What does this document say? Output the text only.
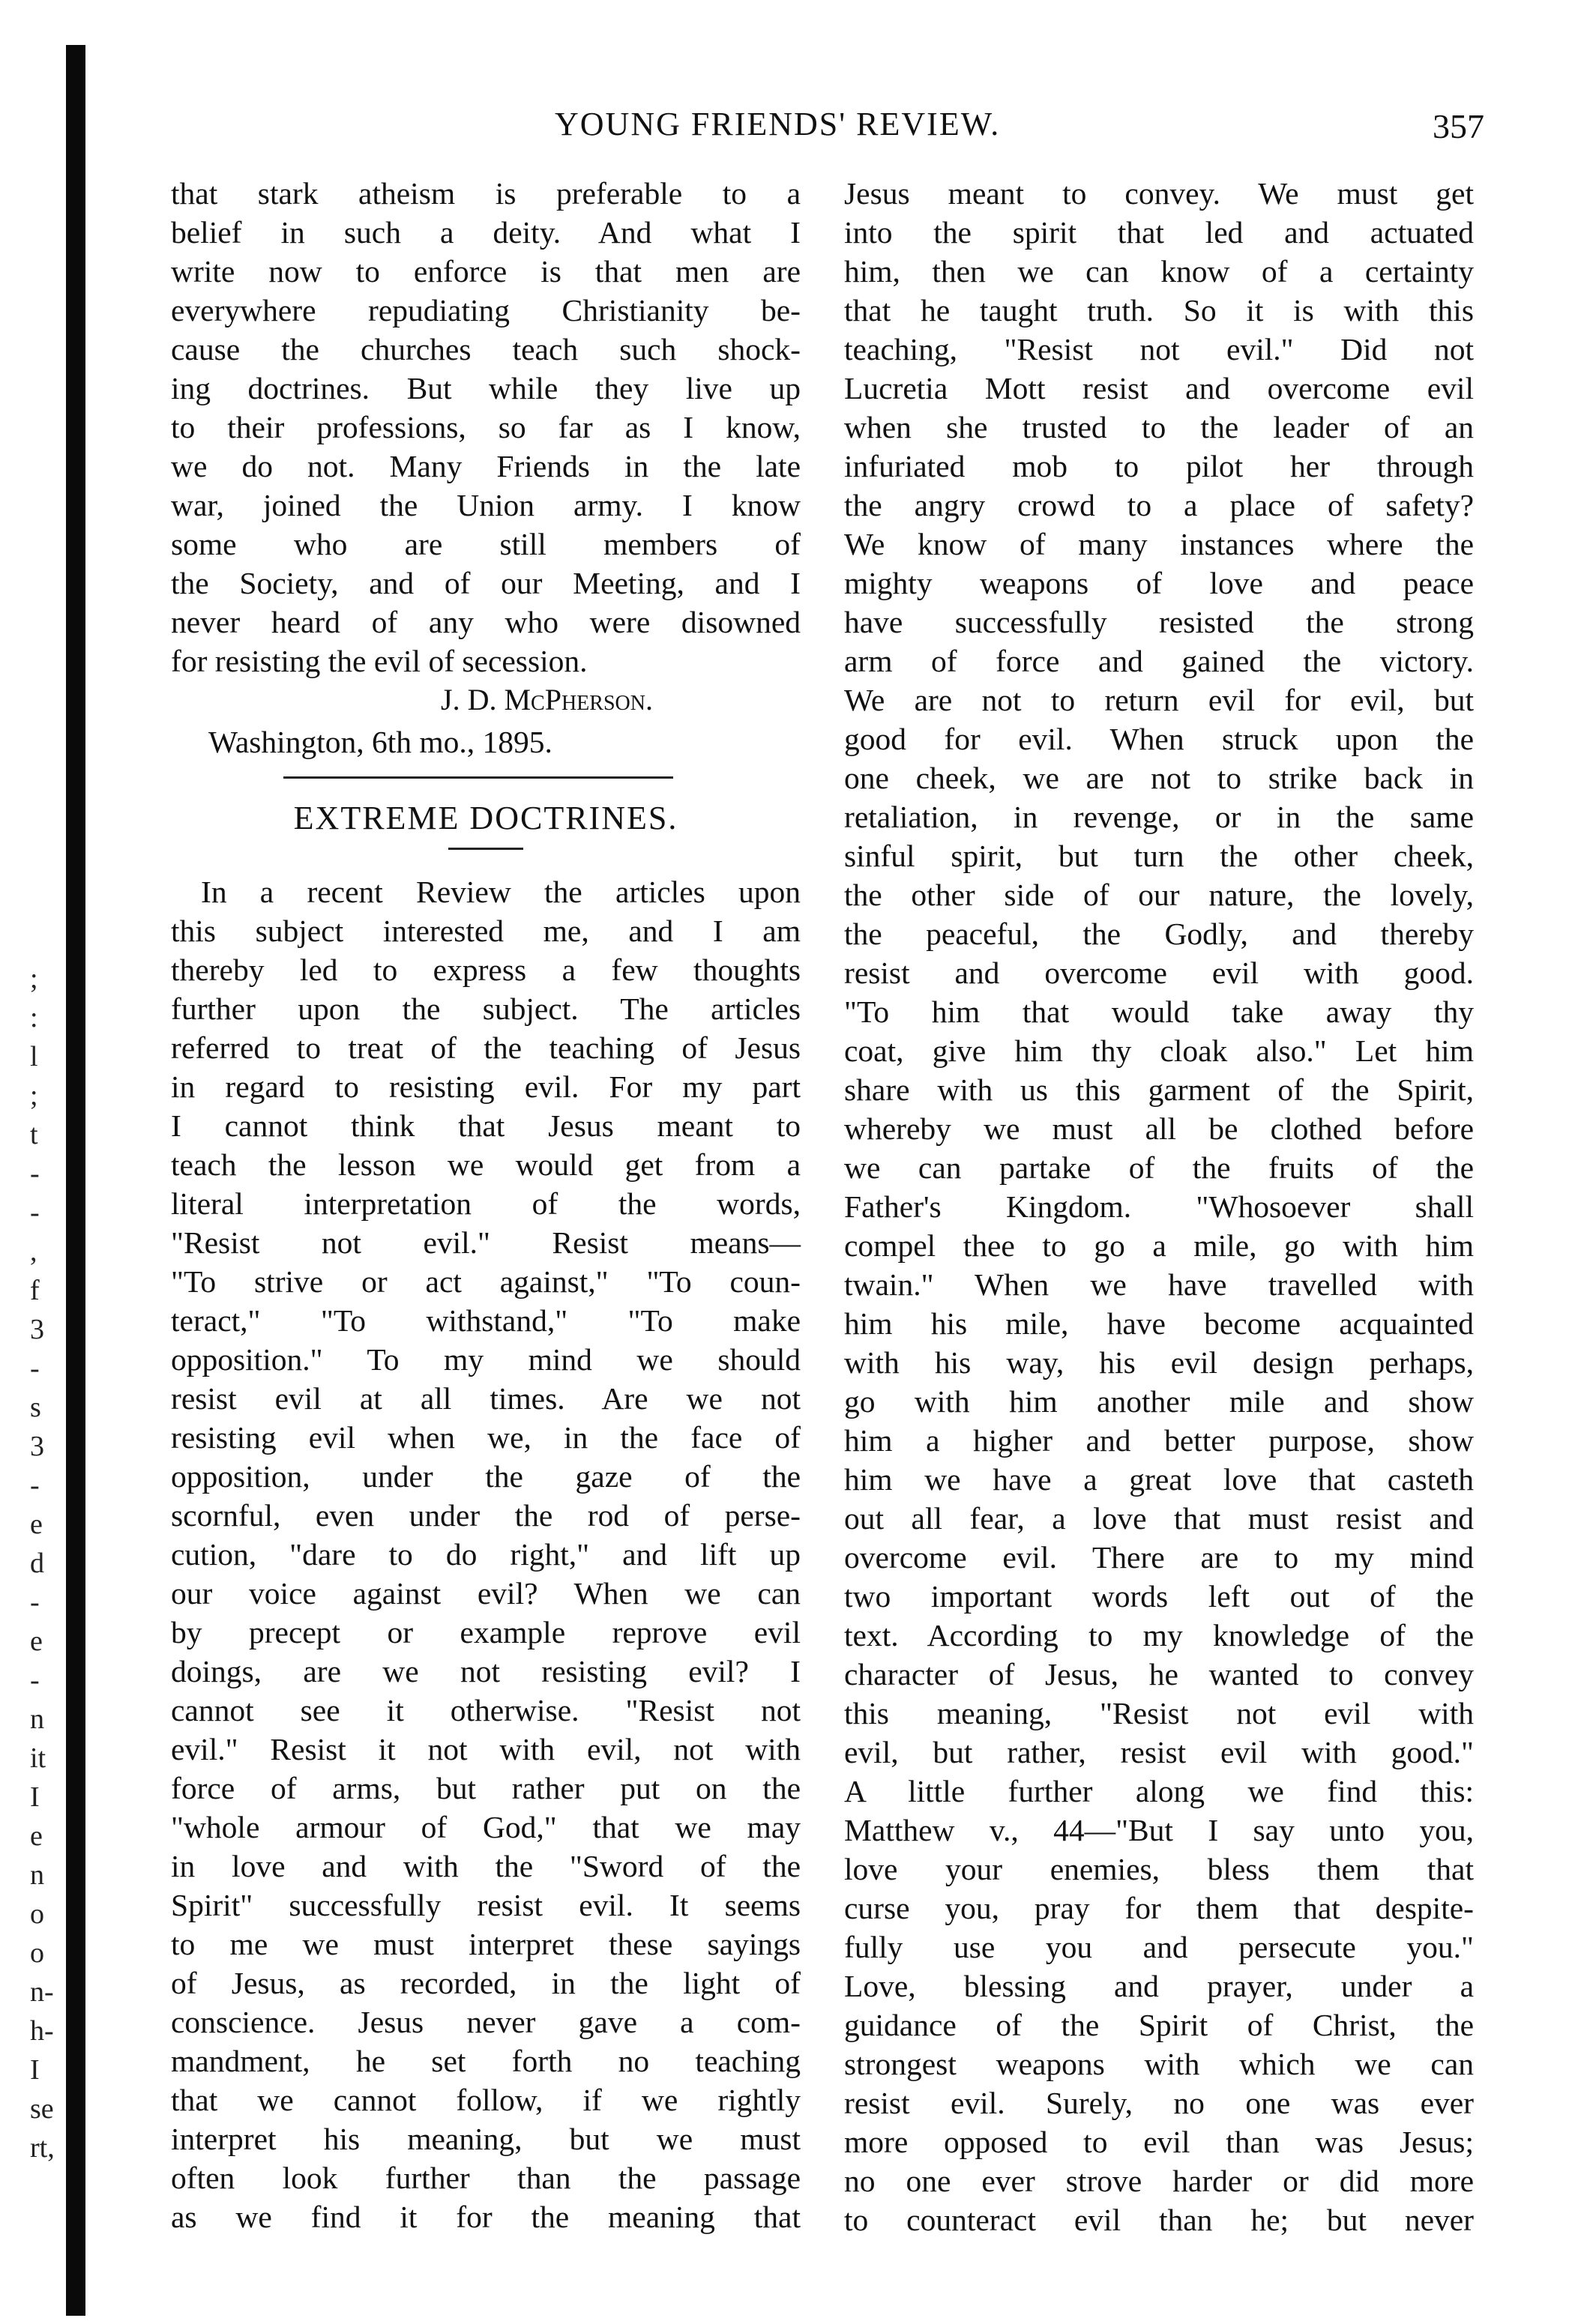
;
:
l
;
t
-
-
,
f
3
-
s
3
-
e
d
-
e
-
n
it
I
e
n
o
o
n-
h-
I
se
rt,
YOUNG FRIENDS' REVIEW.	357
that stark atheism is preferable to a
belief in such a deity. And what I
write now to enforce is that men are
everywhere repudiating Christianity be-
cause the churches teach such shock-
ing doctrines. But while they live up
to their professions, so far as I know,
we do not. Many Friends in the late
war, joined the Union army. I know
some who are still members of
the Society, and of our Meeting, and I
never heard of any who were disowned
for resisting the evil of secession.
J. D. McPherson.
Washington, 6th mo., 1895.
EXTREME DOCTRINES.
In a recent Review the articles upon
this subject interested me, and I am
thereby led to express a few thoughts
further upon the subject. The articles
referred to treat of the teaching of Jesus
in regard to resisting evil. For my part
I cannot think that Jesus meant to
teach the lesson we would get from a
literal interpretation of the words,
"Resist not evil." Resist means—
"To strive or act against," "To coun-
teract," "To withstand," "To make
opposition." To my mind we should
resist evil at all times. Are we not
resisting evil when we, in the face of
opposition, under the gaze of the
scornful, even under the rod of perse-
cution, "dare to do right," and lift up
our voice against evil? When we can
by precept or example reprove evil
doings, are we not resisting evil? I
cannot see it otherwise. "Resist not
evil." Resist it not with evil, not with
force of arms, but rather put on the
"whole armour of God," that we may
in love and with the "Sword of the
Spirit" successfully resist evil. It seems
to me we must interpret these sayings
of Jesus, as recorded, in the light of
conscience. Jesus never gave a com-
mandment, he set forth no teaching
that we cannot follow, if we rightly
interpret his meaning, but we must
often look further than the passage
as we find it for the meaning that
Jesus meant to convey. We must get
into the spirit that led and actuated
him, then we can know of a certainty
that he taught truth. So it is with this
teaching, "Resist not evil." Did not
Lucretia Mott resist and overcome evil
when she trusted to the leader of an
infuriated mob to pilot her through
the angry crowd to a place of safety?
We know of many instances where the
mighty weapons of love and peace
have successfully resisted the strong
arm of force and gained the victory.
We are not to return evil for evil, but
good for evil. When struck upon the
one cheek, we are not to strike back in
retaliation, in revenge, or in the same
sinful spirit, but turn the other cheek,
the other side of our nature, the lovely,
the peaceful, the Godly, and thereby
resist and overcome evil with good.
"To him that would take away thy
coat, give him thy cloak also." Let him
share with us this garment of the Spirit,
whereby we must all be clothed before
we can partake of the fruits of the
Father's Kingdom. "Whosoever shall
compel thee to go a mile, go with him
twain." When we have travelled with
him his mile, have become acquainted
with his way, his evil design perhaps,
go with him another mile and show
him a higher and better purpose, show
him we have a great love that casteth
out all fear, a love that must resist and
overcome evil. There are to my mind
two important words left out of the
text. According to my knowledge of the
character of Jesus, he wanted to convey
this meaning, "Resist not evil with
evil, but rather, resist evil with good."
A little further along we find this:
Matthew v., 44—"But I say unto you,
love your enemies, bless them that
curse you, pray for them that despite-
fully use you and persecute you."
Love, blessing and prayer, under a
guidance of the Spirit of Christ, the
strongest weapons with which we can
resist evil. Surely, no one was ever
more opposed to evil than was Jesus;
no one ever strove harder or did more
to counteract evil than he; but never
